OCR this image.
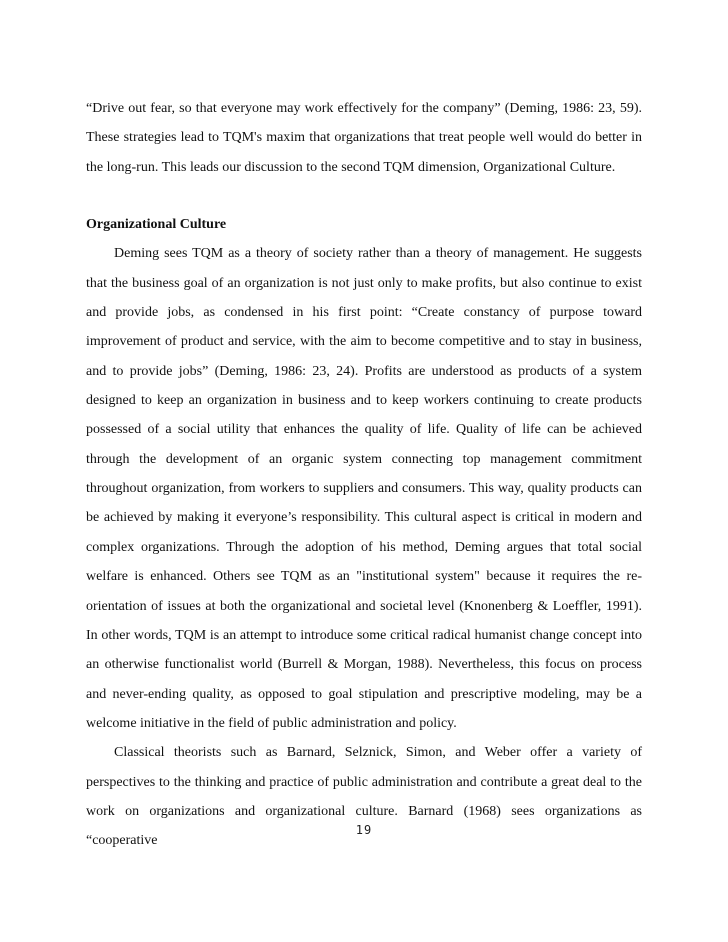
“Drive out fear, so that everyone may work effectively for the company” (Deming, 1986: 23, 59). These strategies lead to TQM's maxim that organizations that treat people well would do better in the long-run. This leads our discussion to the second TQM dimension, Organizational Culture.

Organizational Culture

Deming sees TQM as a theory of society rather than a theory of management. He suggests that the business goal of an organization is not just only to make profits, but also continue to exist and provide jobs, as condensed in his first point: “Create constancy of purpose toward improvement of product and service, with the aim to become competitive and to stay in business, and to provide jobs” (Deming, 1986: 23, 24). Profits are understood as products of a system designed to keep an organization in business and to keep workers continuing to create products possessed of a social utility that enhances the quality of life. Quality of life can be achieved through the development of an organic system connecting top management commitment throughout organization, from workers to suppliers and consumers. This way, quality products can be achieved by making it everyone’s responsibility. This cultural aspect is critical in modern and complex organizations. Through the adoption of his method, Deming argues that total social welfare is enhanced. Others see TQM as an "institutional system" because it requires the re-orientation of issues at both the organizational and societal level (Knonenberg & Loeffler, 1991). In other words, TQM is an attempt to introduce some critical radical humanist change concept into an otherwise functionalist world (Burrell & Morgan, 1988). Nevertheless, this focus on process and never-ending quality, as opposed to goal stipulation and prescriptive modeling, may be a welcome initiative in the field of public administration and policy.

Classical theorists such as Barnard, Selznick, Simon, and Weber offer a variety of perspectives to the thinking and practice of public administration and contribute a great deal to the work on organizations and organizational culture. Barnard (1968) sees organizations as “cooperative

19
